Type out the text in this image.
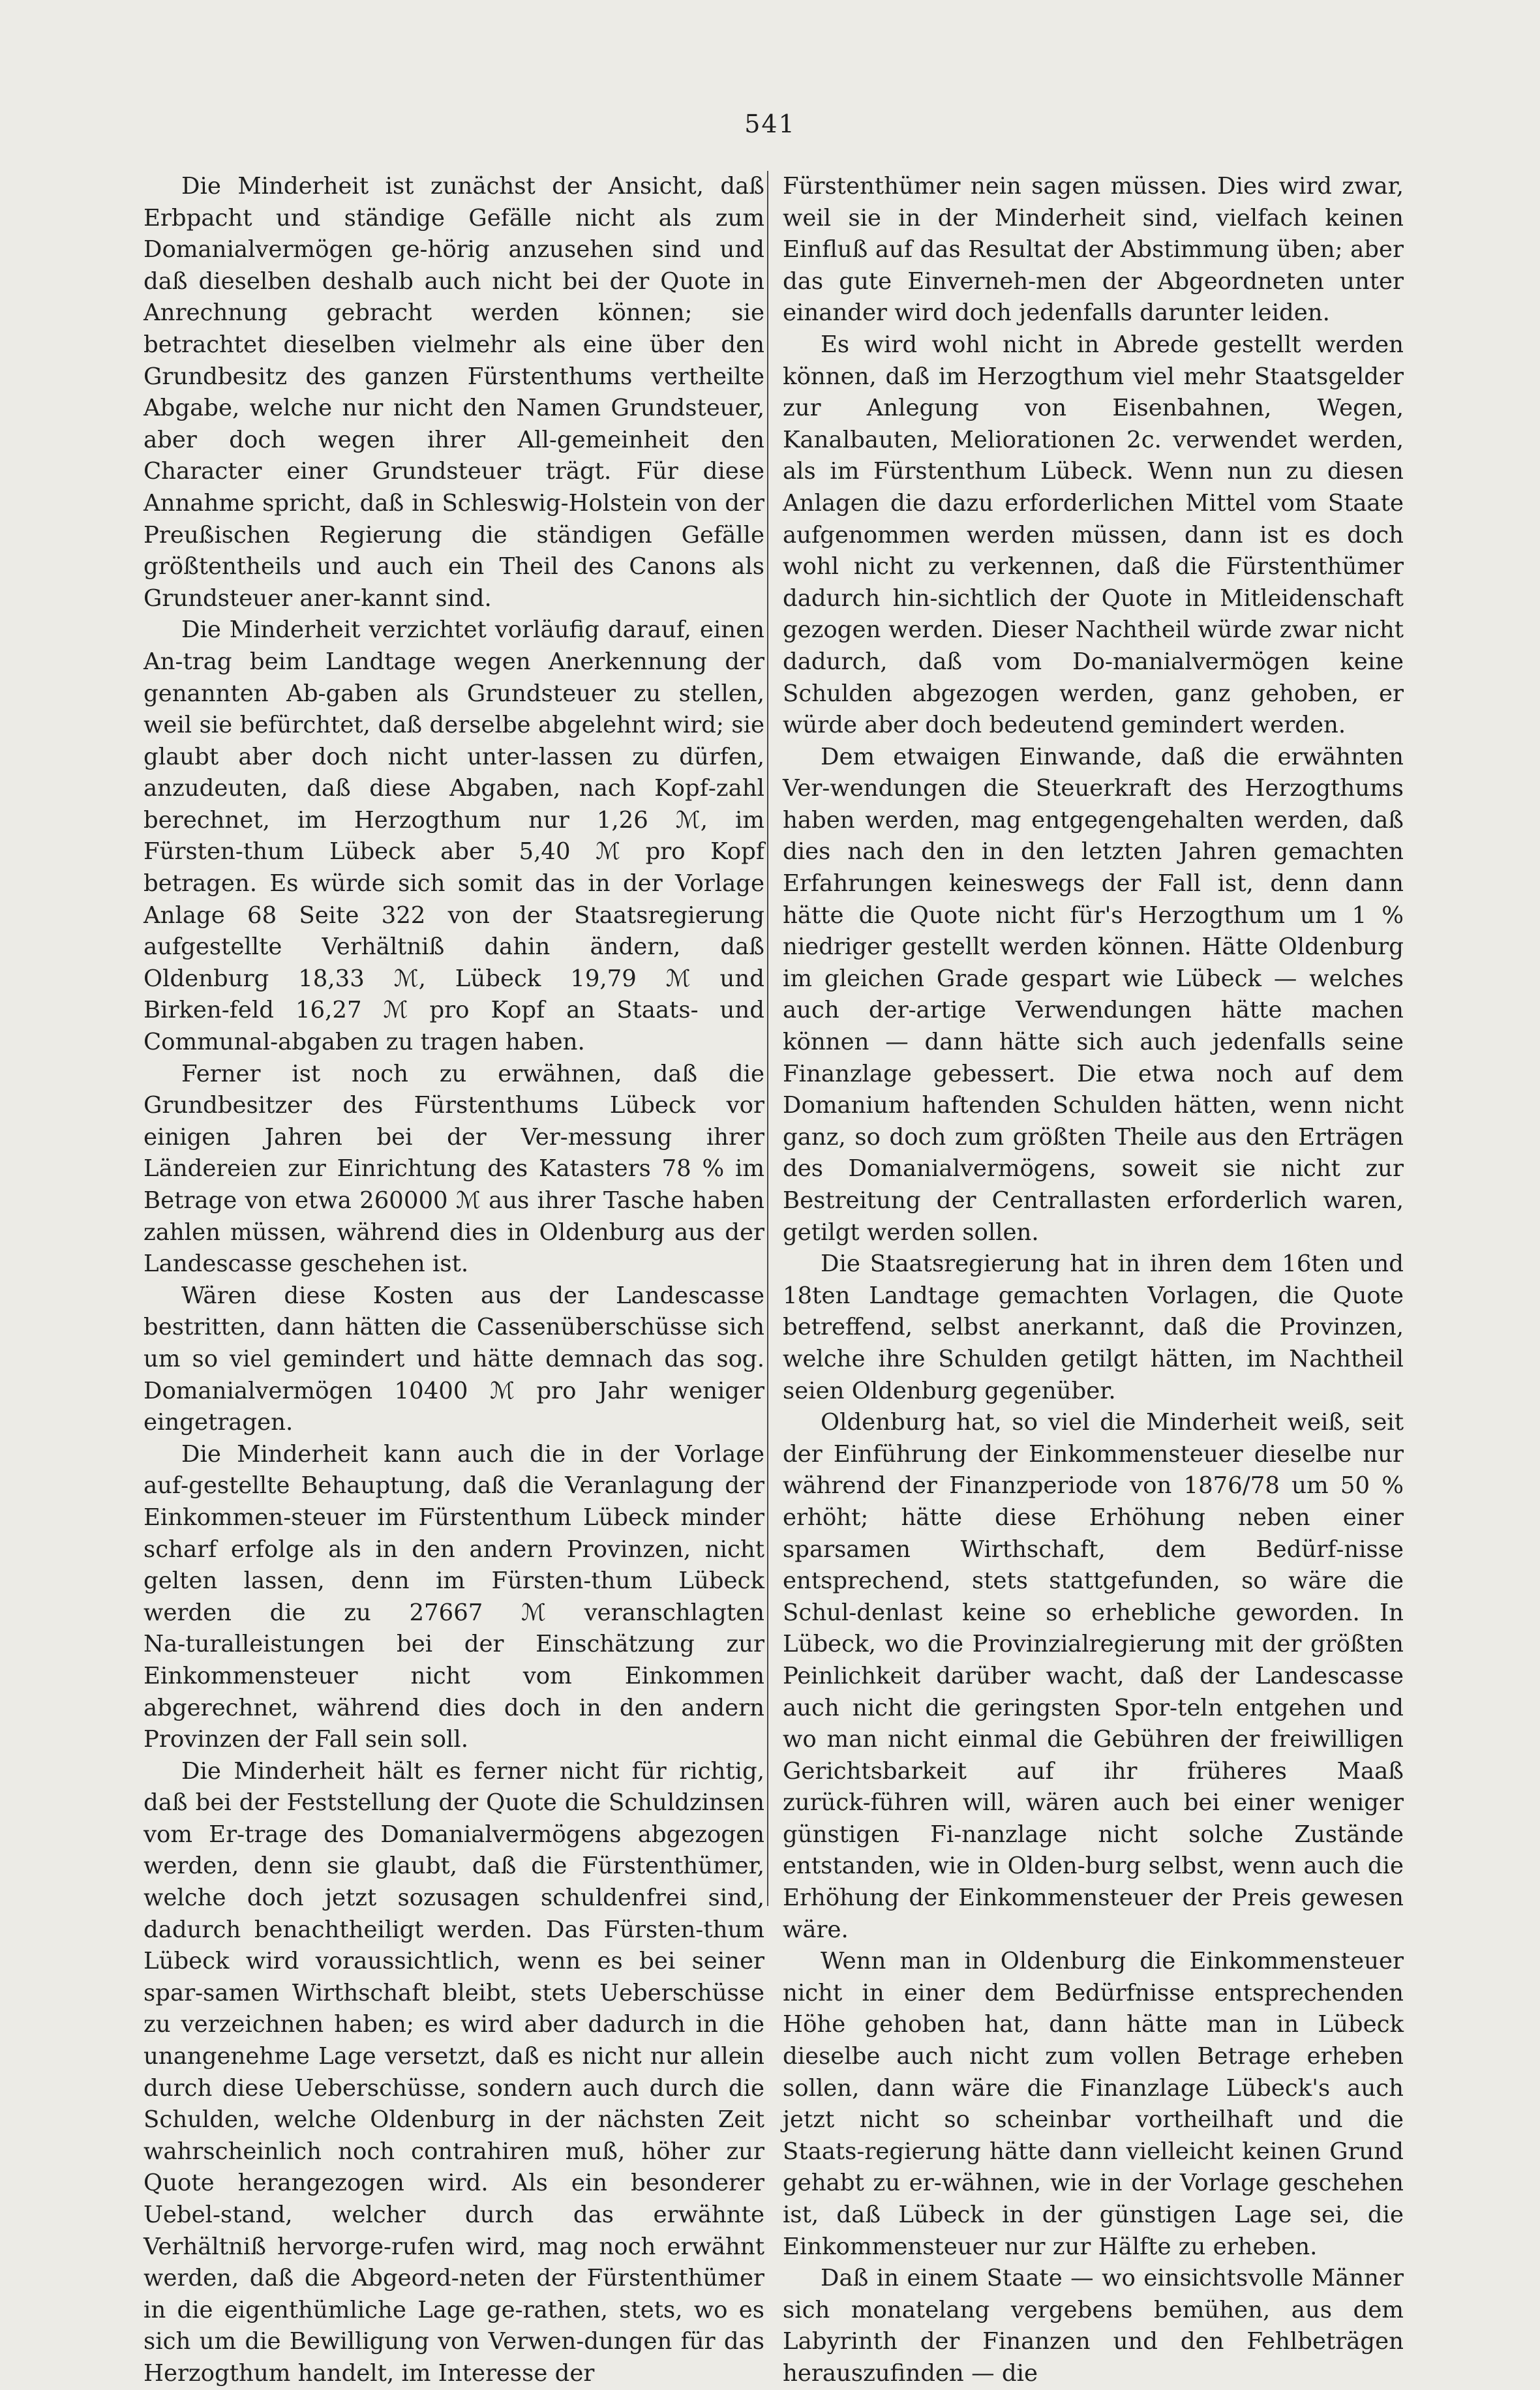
541

Die Minderheit ist zunächst der Ansicht, daß Erbpacht und ständige Gefälle nicht als zum Domanialvermögen ge‑hörig anzusehen sind und daß dieselben deshalb auch nicht bei der Quote in Anrechnung gebracht werden können; sie betrachtet dieselben vielmehr als eine über den Grundbesitz des ganzen Fürstenthums vertheilte Abgabe, welche nur nicht den Namen Grundsteuer, aber doch wegen ihrer All‑gemeinheit den Character einer Grundsteuer trägt. Für diese Annahme spricht, daß in Schleswig‑Holstein von der Preußischen Regierung die ständigen Gefälle größtentheils und auch ein Theil des Canons als Grundsteuer aner‑kannt sind.

Die Minderheit verzichtet vorläufig darauf, einen An‑trag beim Landtage wegen Anerkennung der genannten Ab‑gaben als Grundsteuer zu stellen, weil sie befürchtet, daß derselbe abgelehnt wird; sie glaubt aber doch nicht unter‑lassen zu dürfen, anzudeuten, daß diese Abgaben, nach Kopf‑zahl berechnet, im Herzogthum nur 1,26 ℳ, im Fürsten‑thum Lübeck aber 5,40 ℳ pro Kopf betragen. Es würde sich somit das in der Vorlage Anlage 68 Seite 322 von der Staatsregierung aufgestellte Verhältniß dahin ändern, daß Oldenburg 18,33 ℳ, Lübeck 19,79 ℳ und Birken‑feld 16,27 ℳ pro Kopf an Staats‑ und Communal‑abgaben zu tragen haben.

Ferner ist noch zu erwähnen, daß die Grundbesitzer des Fürstenthums Lübeck vor einigen Jahren bei der Ver‑messung ihrer Ländereien zur Einrichtung des Katasters 78 % im Betrage von etwa 260000 ℳ aus ihrer Tasche haben zahlen müssen, während dies in Oldenburg aus der Landescasse geschehen ist.

Wären diese Kosten aus der Landescasse bestritten, dann hätten die Cassenüberschüsse sich um so viel gemindert und hätte demnach das sog. Domanialvermögen 10400 ℳ pro Jahr weniger eingetragen.

Die Minderheit kann auch die in der Vorlage auf‑gestellte Behauptung, daß die Veranlagung der Einkommen‑steuer im Fürstenthum Lübeck minder scharf erfolge als in den andern Provinzen, nicht gelten lassen, denn im Fürsten‑thum Lübeck werden die zu 27667 ℳ veranschlagten Na‑turalleistungen bei der Einschätzung zur Einkommensteuer nicht vom Einkommen abgerechnet, während dies doch in den andern Provinzen der Fall sein soll.

Die Minderheit hält es ferner nicht für richtig, daß bei der Feststellung der Quote die Schuldzinsen vom Er‑trage des Domanialvermögens abgezogen werden, denn sie glaubt, daß die Fürstenthümer, welche doch jetzt sozusagen schuldenfrei sind, dadurch benachtheiligt werden. Das Fürsten‑thum Lübeck wird voraussichtlich, wenn es bei seiner spar‑samen Wirthschaft bleibt, stets Ueberschüsse zu verzeichnen haben; es wird aber dadurch in die unangenehme Lage versetzt, daß es nicht nur allein durch diese Ueberschüsse, sondern auch durch die Schulden, welche Oldenburg in der nächsten Zeit wahrscheinlich noch contrahiren muß, höher zur Quote herangezogen wird. Als ein besonderer Uebel‑stand, welcher durch das erwähnte Verhältniß hervorge‑rufen wird, mag noch erwähnt werden, daß die Abgeord‑neten der Fürstenthümer in die eigenthümliche Lage ge‑rathen, stets, wo es sich um die Bewilligung von Verwen‑dungen für das Herzogthum handelt, im Interesse der

Fürstenthümer nein sagen müssen. Dies wird zwar, weil sie in der Minderheit sind, vielfach keinen Einfluß auf das Resultat der Abstimmung üben; aber das gute Einverneh‑men der Abgeordneten unter einander wird doch jedenfalls darunter leiden.

Es wird wohl nicht in Abrede gestellt werden können, daß im Herzogthum viel mehr Staatsgelder zur Anlegung von Eisenbahnen, Wegen, Kanalbauten, Meliorationen 2c. verwendet werden, als im Fürstenthum Lübeck. Wenn nun zu diesen Anlagen die dazu erforderlichen Mittel vom Staate aufgenommen werden müssen, dann ist es doch wohl nicht zu verkennen, daß die Fürstenthümer dadurch hin‑sichtlich der Quote in Mitleidenschaft gezogen werden. Dieser Nachtheil würde zwar nicht dadurch, daß vom Do‑manialvermögen keine Schulden abgezogen werden, ganz gehoben, er würde aber doch bedeutend gemindert werden.

Dem etwaigen Einwande, daß die erwähnten Ver‑wendungen die Steuerkraft des Herzogthums haben werden, mag entgegengehalten werden, daß dies nach den in den letzten Jahren gemachten Erfahrungen keineswegs der Fall ist, denn dann hätte die Quote nicht für's Herzogthum um 1 % niedriger gestellt werden können. Hätte Oldenburg im gleichen Grade gespart wie Lübeck — welches auch der‑artige Verwendungen hätte machen können — dann hätte sich auch jedenfalls seine Finanzlage gebessert. Die etwa noch auf dem Domanium haftenden Schulden hätten, wenn nicht ganz, so doch zum größten Theile aus den Erträgen des Domanialvermögens, soweit sie nicht zur Bestreitung der Centrallasten erforderlich waren, getilgt werden sollen.

Die Staatsregierung hat in ihren dem 16ten und 18ten Landtage gemachten Vorlagen, die Quote betreffend, selbst anerkannt, daß die Provinzen, welche ihre Schulden getilgt hätten, im Nachtheil seien Oldenburg gegenüber.

Oldenburg hat, so viel die Minderheit weiß, seit der Einführung der Einkommensteuer dieselbe nur während der Finanzperiode von 1876/78 um 50 % erhöht; hätte diese Erhöhung neben einer sparsamen Wirthschaft, dem Bedürf‑nisse entsprechend, stets stattgefunden, so wäre die Schul‑denlast keine so erhebliche geworden. In Lübeck, wo die Provinzialregierung mit der größten Peinlichkeit darüber wacht, daß der Landescasse auch nicht die geringsten Spor‑teln entgehen und wo man nicht einmal die Gebühren der freiwilligen Gerichtsbarkeit auf ihr früheres Maaß zurück‑führen will, wären auch bei einer weniger günstigen Fi‑nanzlage nicht solche Zustände entstanden, wie in Olden‑burg selbst, wenn auch die Erhöhung der Einkommensteuer der Preis gewesen wäre.

Wenn man in Oldenburg die Einkommensteuer nicht in einer dem Bedürfnisse entsprechenden Höhe gehoben hat, dann hätte man in Lübeck dieselbe auch nicht zum vollen Betrage erheben sollen, dann wäre die Finanzlage Lübeck's auch jetzt nicht so scheinbar vortheilhaft und die Staats‑regierung hätte dann vielleicht keinen Grund gehabt zu er‑wähnen, wie in der Vorlage geschehen ist, daß Lübeck in der günstigen Lage sei, die Einkommensteuer nur zur Hälfte zu erheben.

Daß in einem Staate — wo einsichtsvolle Männer sich monatelang vergebens bemühen, aus dem Labyrinth der Finanzen und den Fehlbeträgen herauszufinden — die
